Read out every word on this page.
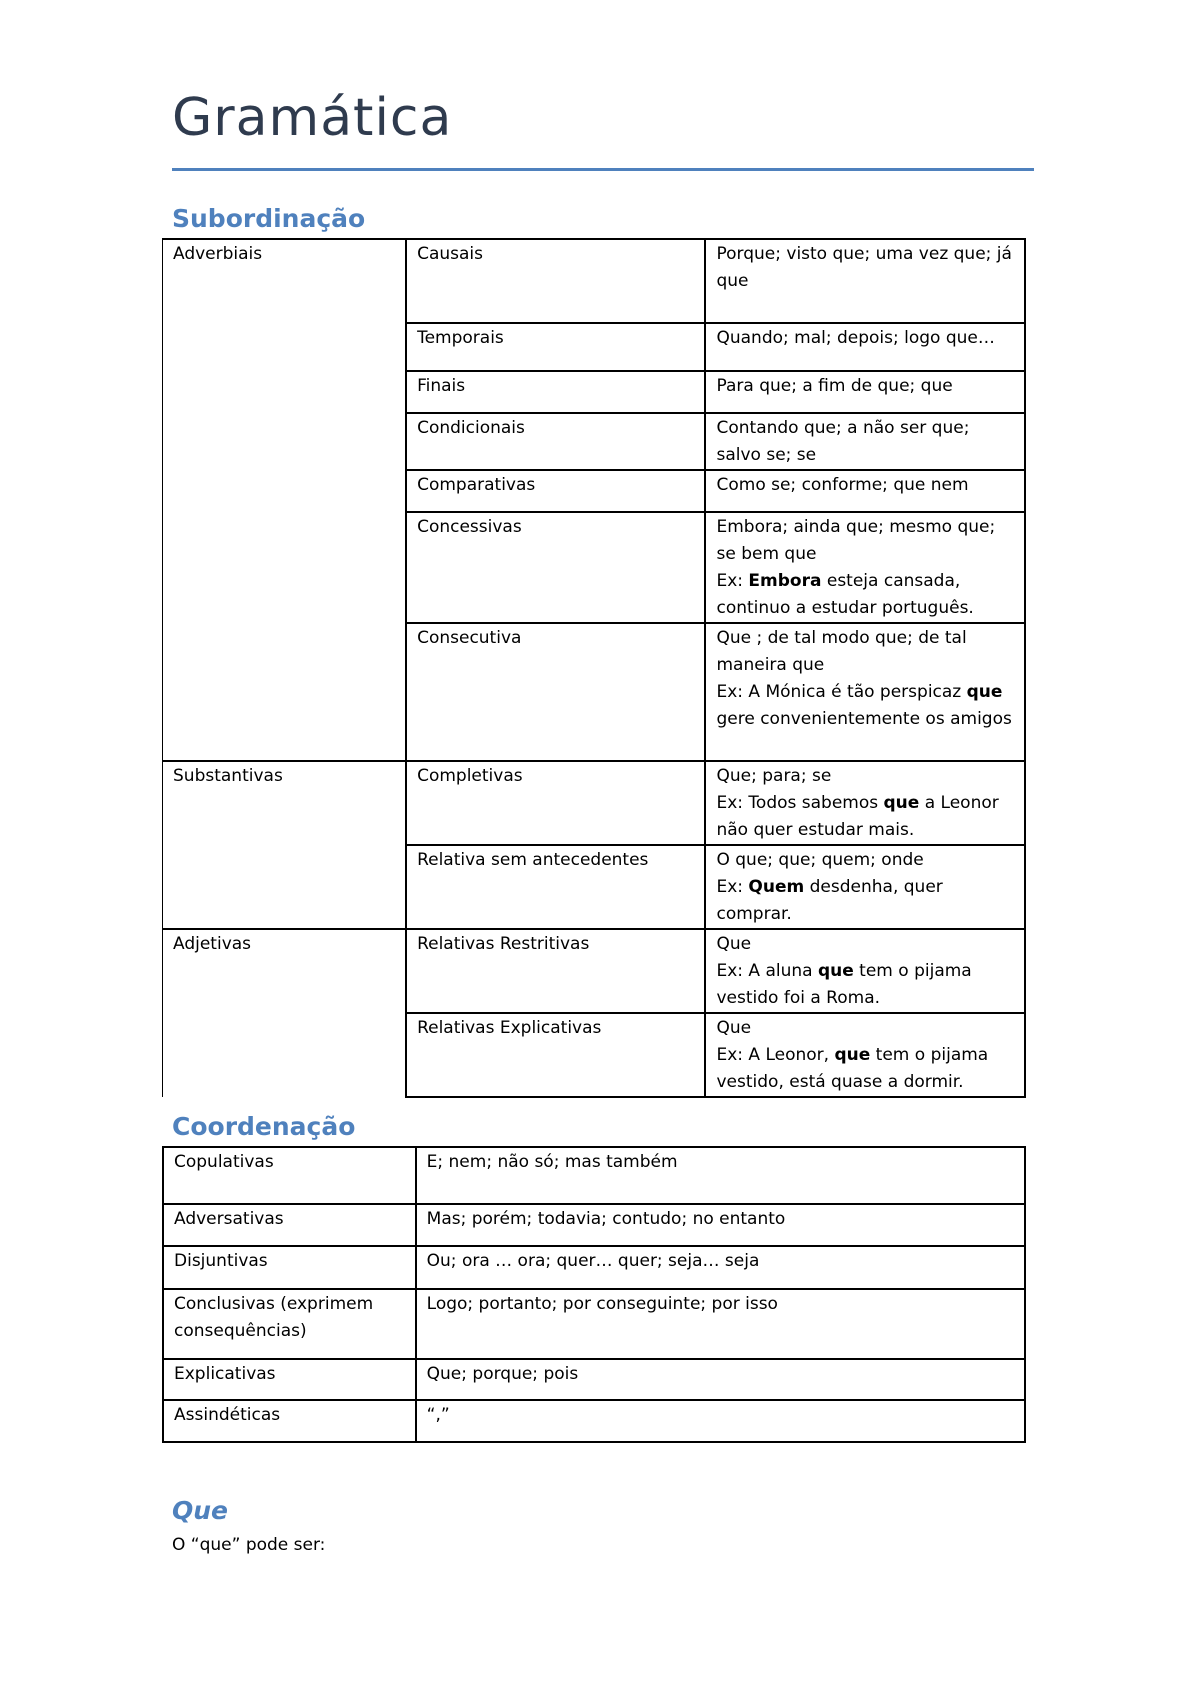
Gramática
Subordinação
Adverbiais	Causais	Porque; visto que; uma vez que; já que
	Temporais	Quando; mal; depois; logo que…
	Finais	Para que; a fim de que; que
	Condicionais	Contando que; a não ser que; salvo se; se
	Comparativas	Como se; conforme; que nem
	Concessivas	Embora; ainda que; mesmo que; se bem que
Ex: Embora esteja cansada, continuo a estudar português.

	Consecutiva	Que ; de tal modo que; de tal maneira que
Ex: A Mónica é tão perspicaz que gere convenientemente os amigos

Substantivas	Completivas	Que; para; se
Ex: Todos sabemos que a Leonor não quer estudar mais.

	Relativa sem antecedentes	O que; que; quem; onde
Ex: Quem desdenha, quer comprar.

Adjetivas	Relativas Restritivas	Que
Ex: A aluna que tem o pijama vestido foi a Roma.

	Relativas Explicativas	Que
Ex: A Leonor, que tem o pijama vestido, está quase a dormir.
Coordenação
Copulativas	E; nem; não só; mas também
Adversativas	Mas; porém; todavia; contudo; no entanto
Disjuntivas	Ou; ora … ora; quer… quer; seja… seja
Conclusivas (exprimem consequências)	Logo; portanto; por conseguinte; por isso
Explicativas	Que; porque; pois
Assindéticas	“,”
Que
O “que” pode ser:
